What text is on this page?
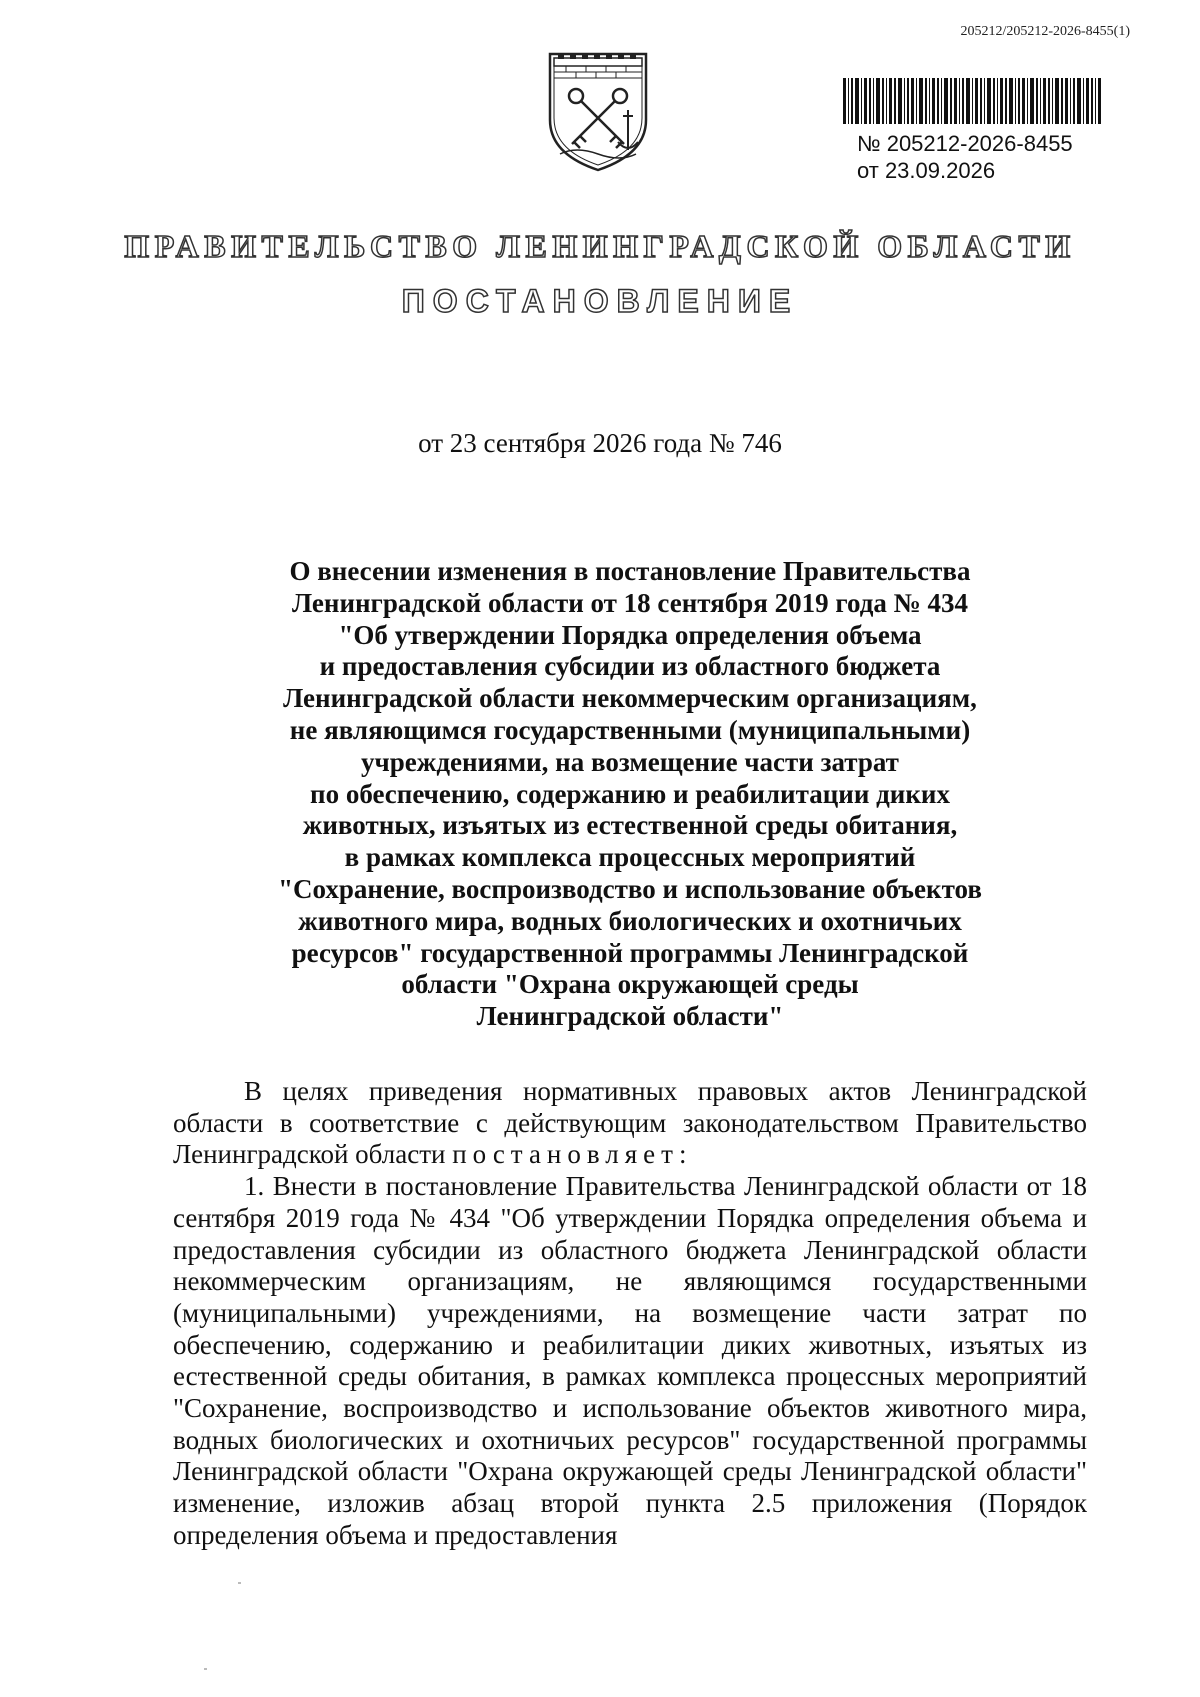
205212/205212-2026-8455(1)
№ 205212-2026-8455
от 23.09.2026
ПРАВИТЕЛЬСТВО ЛЕНИНГРАДСКОЙ ОБЛАСТИ
ПОСТАНОВЛЕНИЕ
от 23 сентября 2026 года № 746
О внесении изменения в постановление Правительства
Ленинградской области от 18 сентября 2019 года № 434
"Об утверждении Порядка определения объема
и предоставления субсидии из областного бюджета
Ленинградской области некоммерческим организациям,
не являющимся государственными (муниципальными)
учреждениями, на возмещение части затрат
по обеспечению, содержанию и реабилитации диких
животных, изъятых из естественной среды обитания,
в рамках комплекса процессных мероприятий
"Сохранение, воспроизводство и использование объектов
животного мира, водных биологических и охотничьих
ресурсов" государственной программы Ленинградской
области "Охрана окружающей среды
Ленинградской области"

В целях приведения нормативных правовых актов Ленинградской области в соответствие с действующим законодательством Правительство Ленинградской области постановляет:

1. Внести в постановление Правительства Ленинградской области от 18 сентября 2019 года № 434 "Об утверждении Порядка определения объема и предоставления субсидии из областного бюджета Ленинградской области некоммерческим организациям, не являющимся государственными (муниципальными) учреждениями, на возмещение части затрат по обеспечению, содержанию и реабилитации диких животных, изъятых из естественной среды обитания, в рамках комплекса процессных мероприятий "Сохранение, воспроизводство и использование объектов животного мира, водных биологических и охотничьих ресурсов" государственной программы Ленинградской области "Охрана окружающей среды Ленинградской области" изменение, изложив абзац второй пункта 2.5 приложения (Порядок определения объема и предоставления
